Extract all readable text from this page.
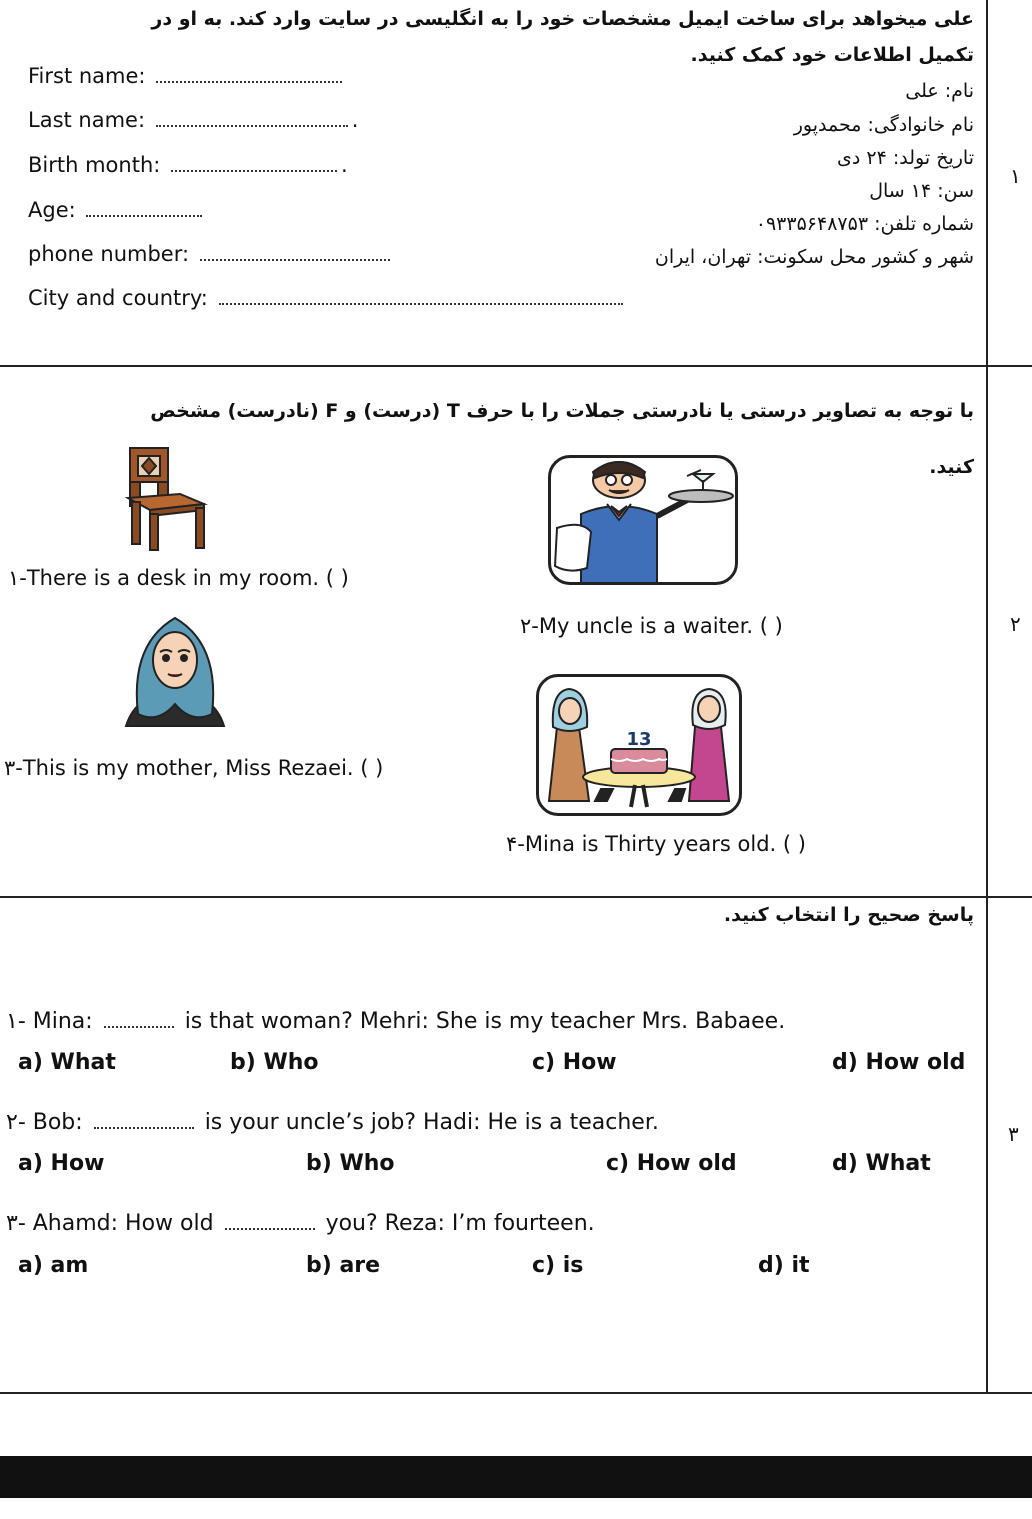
علی میخواهد برای ساخت ایمیل مشخصات خود را به انگلیسی در سایت وارد کند. به او در
تکمیل اطلاعات خود کمک کنید.
۱
First name:
Last name:	.
Birth month:	.
Age:
phone number:
City and country:
نام: علی
نام خانوادگی: محمدپور
تاریخ تولد: ۲۴ دی
سن: ۱۴ سال
شماره تلفن: ۰۹۳۳۵۶۴۸۷۵۳
شهر و کشور محل سکونت: تهران، ایران
با توجه به تصاویر درستی یا نادرستی جملات را با حرف T (درست) و F (نادرست) مشخص
کنید.
۲
۱-There is a desk in my room. ( )
۲-My uncle is a waiter. ( )
13
۳-This is my mother, Miss Rezaei. ( )
۴-Mina is Thirty years old. ( )
پاسخ صحیح را انتخاب کنید.
۳
۱- Mina:	is that woman? Mehri: She is my teacher Mrs. Babaee.
a) What	b) Who	c) How	d) How old
۲- Bob:	is your uncle’s job? Hadi: He is a teacher.
a) How	b) Who	c) How old	d) What
۳- Ahamd: How old	you? Reza: I’m fourteen.
a) am	b) are	c) is	d) it
